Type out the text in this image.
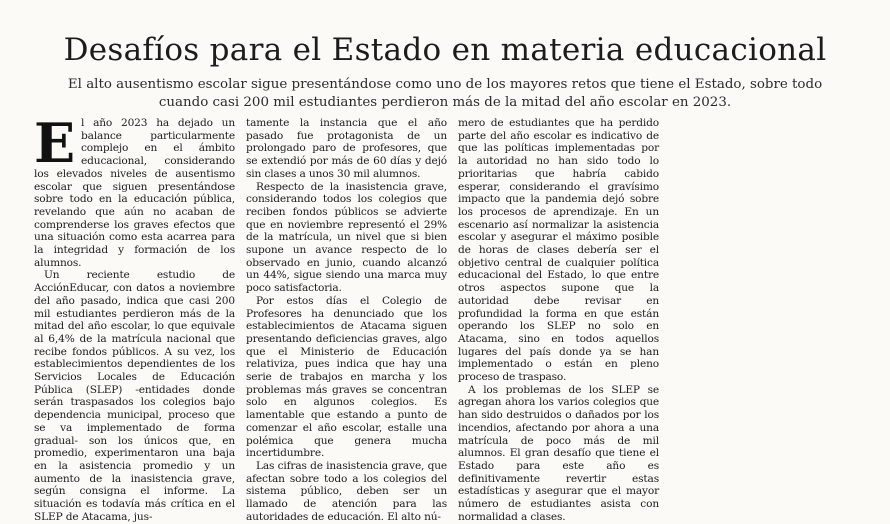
Desafíos para el Estado en materia educacional
El alto ausentismo escolar sigue presentándose como uno de los mayores retos que tiene el Estado, sobre todo cuando casi 200 mil estudiantes perdieron más de la mitad del año escolar en 2023.

El año 2023 ha dejado un balance particularmente complejo en el ámbito educacional, considerando los elevados niveles de ausentismo escolar que siguen presentándose sobre todo en la educación pública, revelando que aún no acaban de comprenderse los graves efectos que una situación como esta acarrea para la integridad y formación de los alumnos.

Un reciente estudio de AcciónEducar, con datos a noviembre del año pasado, indica que casi 200 mil estudiantes perdieron más de la mitad del año escolar, lo que equivale al 6,4% de la matrícula nacional que recibe fondos públicos. A su vez, los establecimientos dependientes de los Servicios Locales de Educación Pública (SLEP) -entidades donde serán traspasados los colegios bajo dependencia municipal, proceso que se va implementado de forma gradual- son los únicos que, en promedio, experimentaron una baja en la asistencia promedio y un aumento de la inasistencia grave, según consigna el informe. La situación es todavía más crítica en el SLEP de Atacama, jus-

tamente la instancia que el año pasado fue protagonista de un prolongado paro de profesores, que se extendió por más de 60 días y dejó sin clases a unos 30 mil alumnos.

Respecto de la inasistencia grave, considerando todos los colegios que reciben fondos públicos se advierte que en noviembre representó el 29% de la matrícula, un nivel que si bien supone un avance respecto de lo observado en junio, cuando alcanzó un 44%, sigue siendo una marca muy poco satisfactoria.

Por estos días el Colegio de Profesores ha denunciado que los establecimientos de Atacama siguen presentando deficiencias graves, algo que el Ministerio de Educación relativiza, pues indica que hay una serie de trabajos en marcha y los problemas más graves se concentran solo en algunos colegios. Es lamentable que estando a punto de comenzar el año escolar, estalle una polémica que genera mucha incertidumbre.

Las cifras de inasistencia grave, que afectan sobre todo a los colegios del sistema público, deben ser un llamado de atención para las autoridades de educación. El alto nú-

mero de estudiantes que ha perdido parte del año escolar es indicativo de que las políticas implementadas por la autoridad no han sido todo lo prioritarias que habría cabido esperar, considerando el gravísimo impacto que la pandemia dejó sobre los procesos de aprendizaje. En un escenario así normalizar la asistencia escolar y asegurar el máximo posible de horas de clases debería ser el objetivo central de cualquier política educacional del Estado, lo que entre otros aspectos supone que la autoridad debe revisar en profundidad la forma en que están operando los SLEP no solo en Atacama, sino en todos aquellos lugares del país donde ya se han implementado o están en pleno proceso de traspaso.

A los problemas de los SLEP se agregan ahora los varios colegios que han sido destruidos o dañados por los incendios, afectando por ahora a una matrícula de poco más de mil alumnos. El gran desafío que tiene el Estado para este año es definitivamente revertir estas estadísticas y asegurar que el mayor número de estudiantes asista con normalidad a clases.
